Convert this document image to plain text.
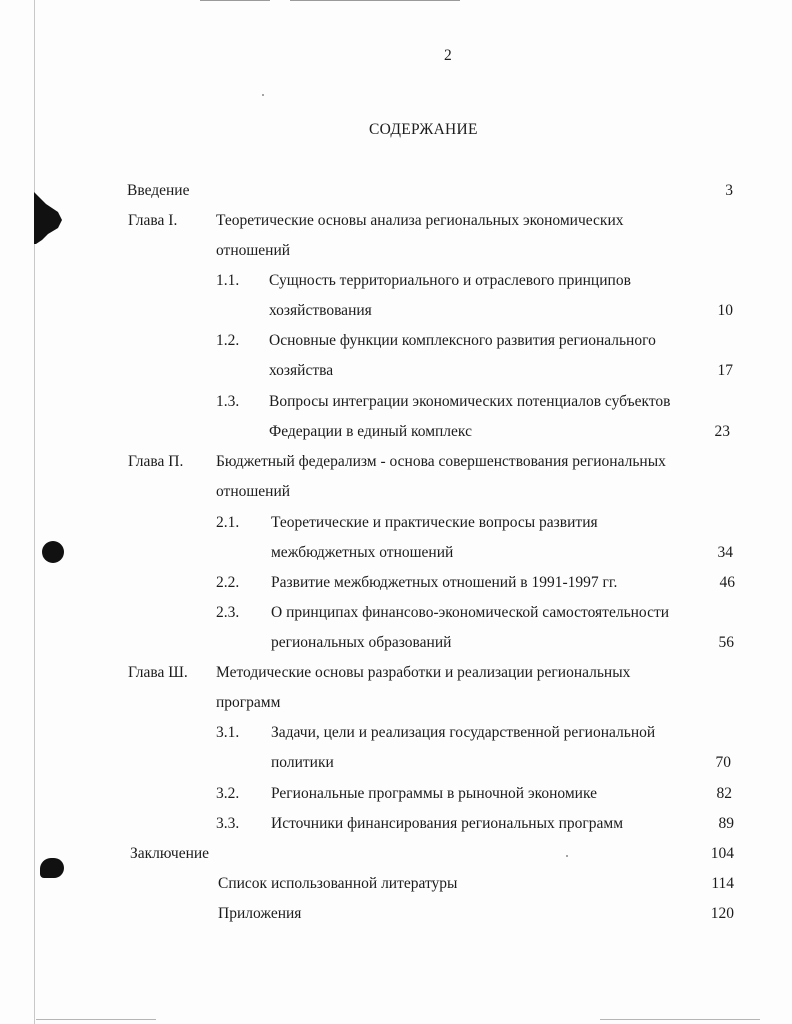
2
СОДЕРЖАНИЕ
Введение	3
Глава I. Теоретические основы анализа региональных экономических
отношений
1.1. Сущность территориального и отраслевого принципов
хозяйствования	10
1.2. Основные функции комплексного развития регионального
хозяйства	17
1.3. Вопросы интеграции экономических потенциалов субъектов
Федерации в единый комплекс	23
Глава П. Бюджетный федерализм - основа совершенствования региональных
отношений
2.1. Теоретические и практические вопросы развития
межбюджетных отношений	34
2.2. Развитие межбюджетных отношений в 1991-1997 гг.	46
2.3. О принципах финансово-экономической самостоятельности
региональных образований	56
Глава Ш. Методические основы разработки и реализации региональных
программ
3.1. Задачи, цели и реализация государственной региональной
политики	70
3.2. Региональные программы в рыночной экономике	82
3.3. Источники финансирования региональных программ	89
Заключение	104
Список использованной литературы	114
Приложения	120
